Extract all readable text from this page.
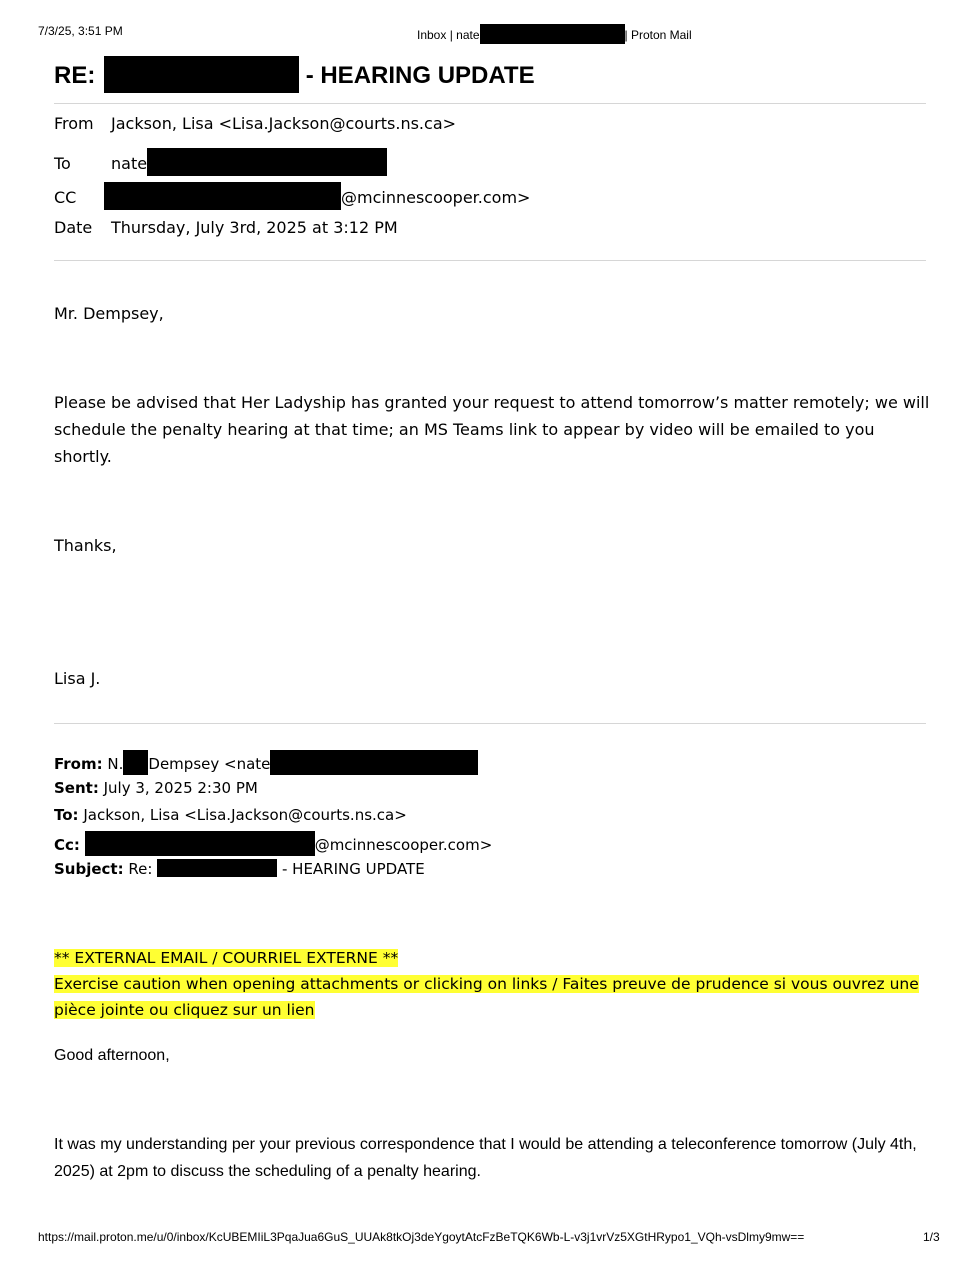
7/3/25, 3:51 PM	Inbox | nate	| Proton Mail
RE:	- HEARING UPDATE
From Jackson, Lisa <Lisa.Jackson@courts.ns.ca>
To	nate
CC	@mcinnescooper.com>
Date Thursday, July 3rd, 2025 at 3:12 PM

Mr. Dempsey,

Please be advised that Her Ladyship has granted your request to attend tomorrow’s matter remotely; we will schedule the penalty hearing at that time; an MS Teams link to appear by video will be emailed to you shortly.

Thanks,

Lisa J.

From: N. Dempsey <nate
Sent: July 3, 2025 2:30 PM
To: Jackson, Lisa <Lisa.Jackson@courts.ns.ca>
Cc:	@mcinnescooper.com>
Subject: Re:	- HEARING UPDATE
** EXTERNAL EMAIL / COURRIEL EXTERNE **
Exercise caution when opening attachments or clicking on links / Faites preuve de prudence si vous ouvrez une pièce jointe ou cliquez sur un lien

Good afternoon,

It was my understanding per your previous correspondence that I would be attending a teleconference tomorrow (July 4th, 2025) at 2pm to discuss the scheduling of a penalty hearing.

https://mail.proton.me/u/0/inbox/KcUBEMIiL3PqaJua6GuS_UUAk8tkOj3deYgoytAtcFzBeTQK6Wb-L-v3j1vrVz5XGtHRypo1_VQh-vsDlmy9mw==	1/3
